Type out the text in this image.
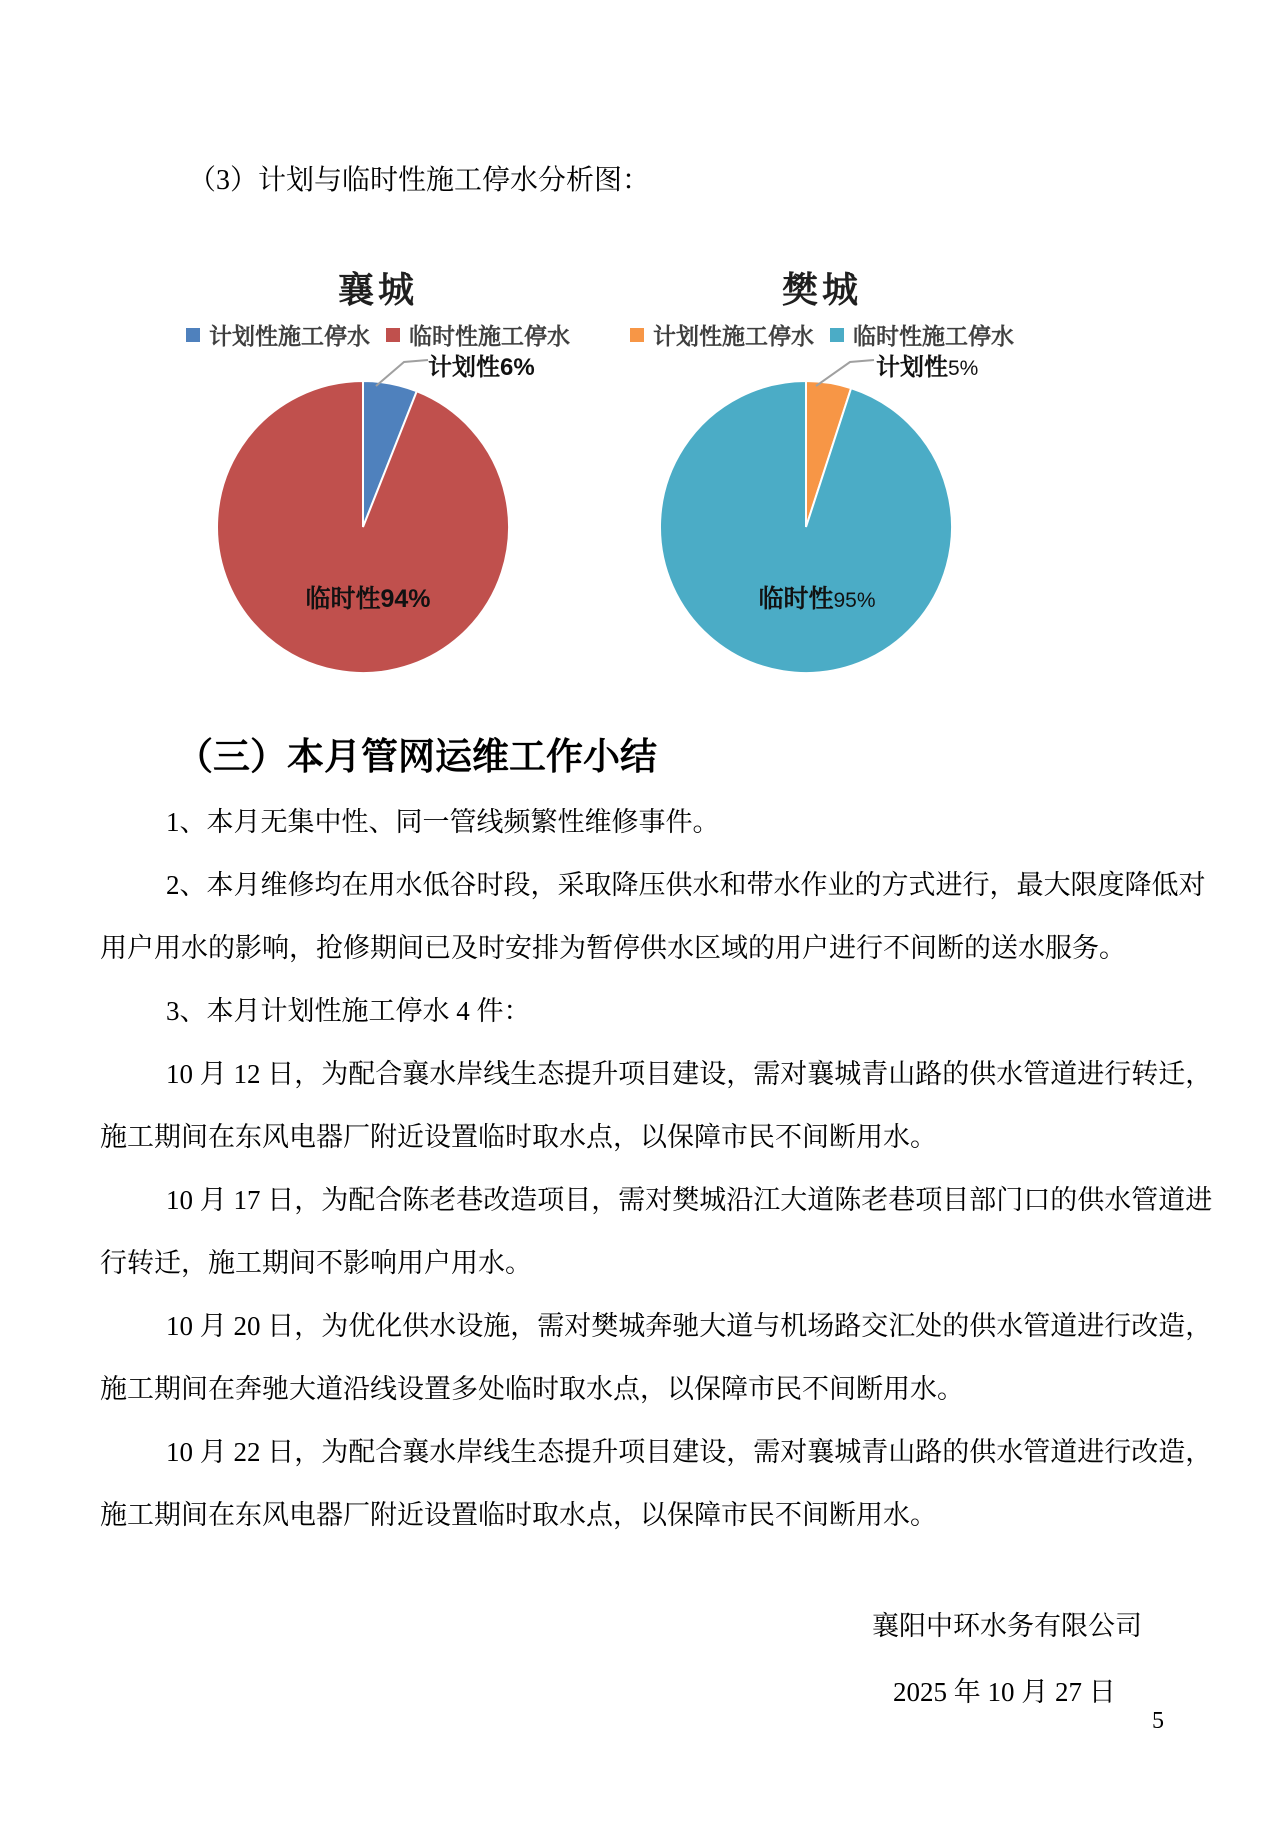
（3）计划与临时性施工停水分析图：
襄城
计划性施工停水 临时性施工停水
计划性6%
临时性94%
樊城
计划性施工停水 临时性施工停水
计划性5%
临时性95%
（三）本月管网运维工作小结
1、本月无集中性、同一管线频繁性维修事件。
2、本月维修均在用水低谷时段，采取降压供水和带水作业的方式进行，最大限度降低对
用户用水的影响，抢修期间已及时安排为暂停供水区域的用户进行不间断的送水服务。
3、本月计划性施工停水 4 件：
10 月 12 日，为配合襄水岸线生态提升项目建设，需对襄城青山路的供水管道进行转迁，
施工期间在东风电器厂附近设置临时取水点，以保障市民不间断用水。
10 月 17 日，为配合陈老巷改造项目，需对樊城沿江大道陈老巷项目部门口的供水管道进
行转迁，施工期间不影响用户用水。
10 月 20 日，为优化供水设施，需对樊城奔驰大道与机场路交汇处的供水管道进行改造，
施工期间在奔驰大道沿线设置多处临时取水点，以保障市民不间断用水。
10 月 22 日，为配合襄水岸线生态提升项目建设，需对襄城青山路的供水管道进行改造，
施工期间在东风电器厂附近设置临时取水点，以保障市民不间断用水。
襄阳中环水务有限公司
2025 年 10 月 27 日
5
